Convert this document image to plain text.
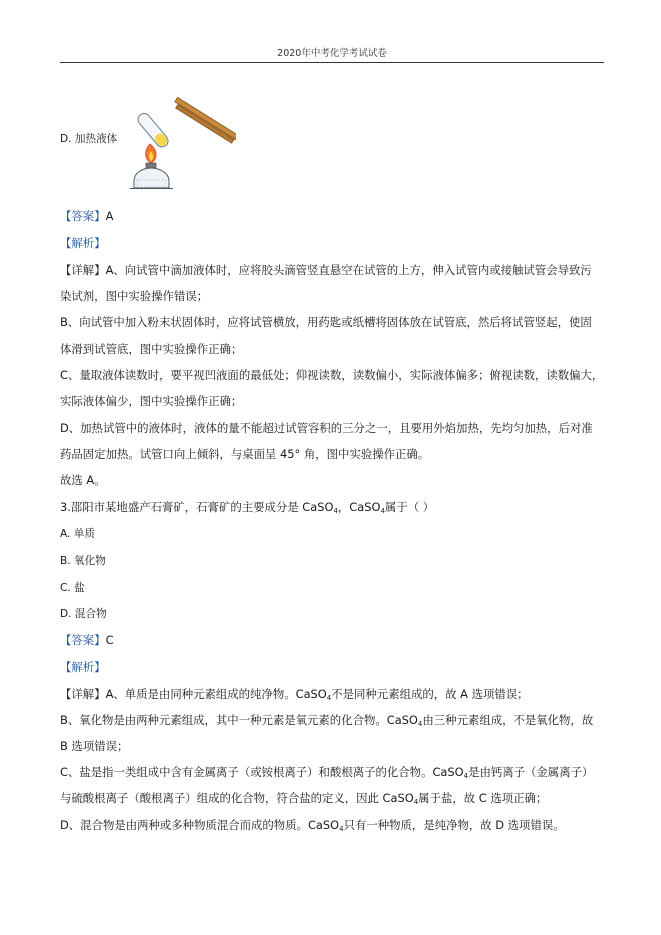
2020年中考化学考试试卷
D. 加热液体
【答案】A
【解析】
【详解】A、向试管中滴加液体时，应将胶头滴管竖直悬空在试管的上方，伸入试管内或接触试管会导致污
染试剂，图中实验操作错误；
B、向试管中加入粉末状固体时，应将试管横放，用药匙或纸槽将固体放在试管底，然后将试管竖起，使固
体滑到试管底，图中实验操作正确；
C、量取液体读数时，要平视凹液面的最低处；仰视读数，读数偏小，实际液体偏多；俯视读数，读数偏大，
实际液体偏少，图中实验操作正确；
D、加热试管中的液体时，液体的量不能超过试管容积的三分之一，且要用外焰加热，先均匀加热，后对准
药品固定加热。试管口向上倾斜，与桌面呈 45° 角，图中实验操作正确。
故选 A。
3.邵阳市某地盛产石膏矿，石膏矿的主要成分是 CaSO$_4$，CaSO$_4$属于（ ）
A. 单质
B. 氧化物
C. 盐
D. 混合物
【答案】C
【解析】
【详解】A、单质是由同种元素组成的纯净物。CaSO$_4$不是同种元素组成的，故 A 选项错误；
B、氧化物是由两种元素组成，其中一种元素是氧元素的化合物。CaSO$_4$由三种元素组成，不是氧化物，故
B 选项错误；
C、盐是指一类组成中含有金属离子（或铵根离子）和酸根离子的化合物。CaSO$_4$是由钙离子（金属离子）
与硫酸根离子（酸根离子）组成的化合物，符合盐的定义，因此 CaSO$_4$属于盐，故 C 选项正确；
D、混合物是由两种或多种物质混合而成的物质。CaSO$_4$只有一种物质，是纯净物，故 D 选项错误。
